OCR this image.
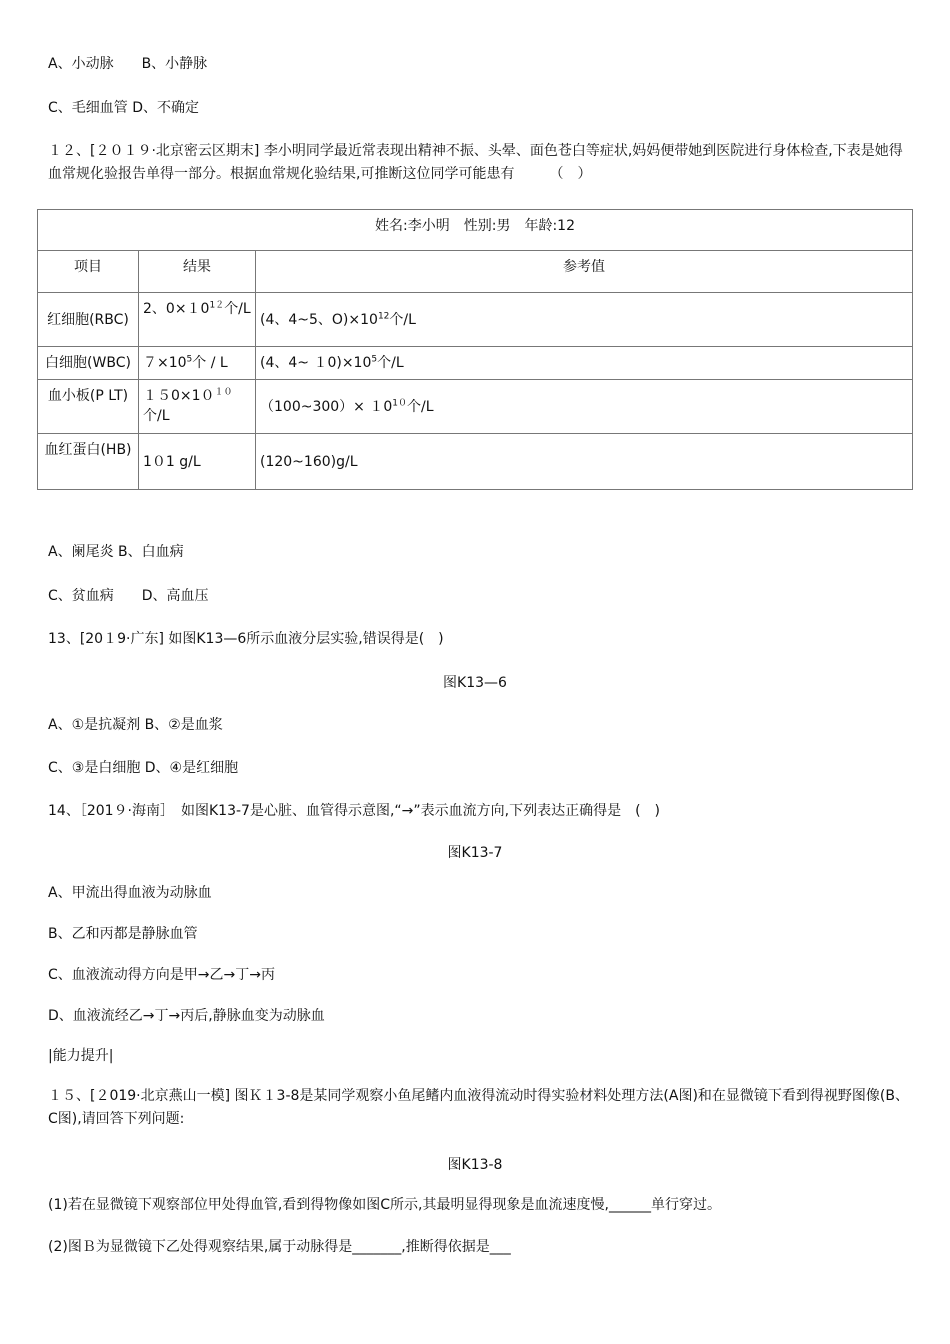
A、小动脉　　B、小静脉
C、毛细血管 D、不确定
１２、[２０１９·北京密云区期末] 李小明同学最近常表现出精神不振、头晕、面色苍白等症状,妈妈便带她到医院进行身体检查,下表是她得血常规化验报告单得一部分。根据血常规化验结果,可推断这位同学可能患有　　　（　）
姓名:李小明　性别:男　年龄:12		
项目	结果	参考值
红细胞(RBC)	2、$0\times 10^{12}$个/L	(4、4~5、$O)\times 10^{12}$个/L
白细胞(WBC)	$7\times 10^5$个 / L	(4、4~ $10)\times 10^5$个/L
血小板(P LT)	$150\times 10^{10}$个/L	（100~300）× $10^{10}$个/L
血红蛋白(HB)	1０1 g/L	(120~160)g/L
A、阑尾炎 B、白血病
C、贫血病　　D、高血压
13、[20１9·广东] 如图K13—6所示血液分层实验,错误得是(　)
图K13—6
A、①是抗凝剂 B、②是血浆
C、③是白细胞 D、④是红细胞
14、［201９·海南］　如图K13-7是心脏、血管得示意图,“→”表示血流方向,下列表达正确得是　(　)
图K13-7
A、甲流出得血液为动脉血
B、乙和丙都是静脉血管
C、血液流动得方向是甲→乙→丁→丙
D、血液流经乙→丁→丙后,静脉血变为动脉血
|能力提升|
１５、[２019·北京燕山一模] 图Ｋ１3-8是某同学观察小鱼尾鳍内血液得流动时得实验材料处理方法(A图)和在显微镜下看到得视野图像(B、C图),请回答下列问题:
图K13-8
(1)若在显微镜下观察部位甲处得血管,看到得物像如图C所示,其最明显得现象是血流速度慢,______单行穿过。
(2)图Ｂ为显微镜下乙处得观察结果,属于动脉得是_______,推断得依据是___
